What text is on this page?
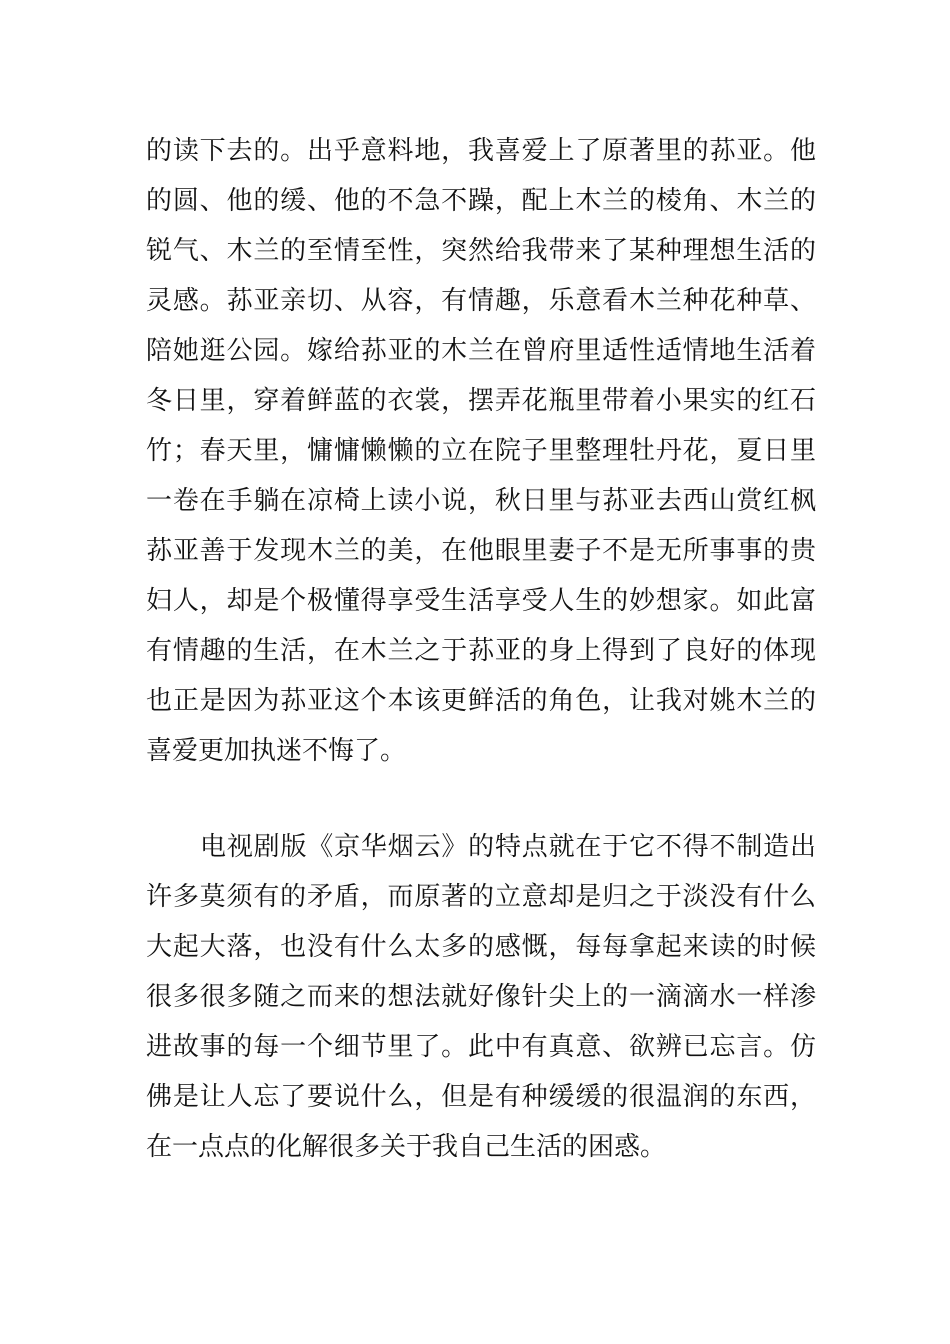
的读下去的。出乎意料地，我喜爱上了原著里的荪亚。他
的圆、他的缓、他的不急不躁，配上木兰的棱角、木兰的
锐气、木兰的至情至性，突然给我带来了某种理想生活的
灵感。荪亚亲切、从容，有情趣，乐意看木兰种花种草、
陪她逛公园。嫁给荪亚的木兰在曾府里适性适情地生活着
冬日里，穿着鲜蓝的衣裳，摆弄花瓶里带着小果实的红石
竹；春天里，慵慵懒懒的立在院子里整理牡丹花，夏日里
一卷在手躺在凉椅上读小说，秋日里与荪亚去西山赏红枫
荪亚善于发现木兰的美，在他眼里妻子不是无所事事的贵
妇人，却是个极懂得享受生活享受人生的妙想家。如此富
有情趣的生活，在木兰之于荪亚的身上得到了良好的体现
也正是因为荪亚这个本该更鲜活的角色，让我对姚木兰的
喜爱更加执迷不悔了。
电视剧版《京华烟云》的特点就在于它不得不制造出
许多莫须有的矛盾，而原著的立意却是归之于淡没有什么
大起大落，也没有什么太多的感慨，每每拿起来读的时候
很多很多随之而来的想法就好像针尖上的一滴滴水一样渗
进故事的每一个细节里了。此中有真意、欲辨已忘言。仿
佛是让人忘了要说什么，但是有种缓缓的很温润的东西，
在一点点的化解很多关于我自己生活的困惑。
